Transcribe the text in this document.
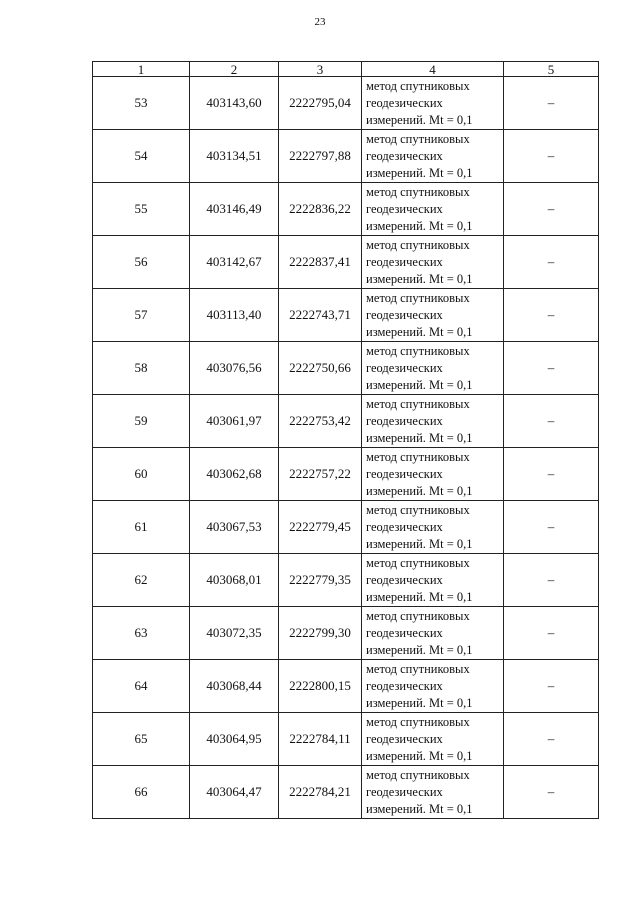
23
1	2	3	4	5
53	403143,60	2222795,04	метод спутниковых
геодезических
измерений. Mt = 0,1	–
54	403134,51	2222797,88	метод спутниковых
геодезических
измерений. Mt = 0,1	–
55	403146,49	2222836,22	метод спутниковых
геодезических
измерений. Mt = 0,1	–
56	403142,67	2222837,41	метод спутниковых
геодезических
измерений. Mt = 0,1	–
57	403113,40	2222743,71	метод спутниковых
геодезических
измерений. Mt = 0,1	–
58	403076,56	2222750,66	метод спутниковых
геодезических
измерений. Mt = 0,1	–
59	403061,97	2222753,42	метод спутниковых
геодезических
измерений. Mt = 0,1	–
60	403062,68	2222757,22	метод спутниковых
геодезических
измерений. Mt = 0,1	–
61	403067,53	2222779,45	метод спутниковых
геодезических
измерений. Mt = 0,1	–
62	403068,01	2222779,35	метод спутниковых
геодезических
измерений. Mt = 0,1	–
63	403072,35	2222799,30	метод спутниковых
геодезических
измерений. Mt = 0,1	–
64	403068,44	2222800,15	метод спутниковых
геодезических
измерений. Mt = 0,1	–
65	403064,95	2222784,11	метод спутниковых
геодезических
измерений. Mt = 0,1	–
66	403064,47	2222784,21	метод спутниковых
геодезических
измерений. Mt = 0,1	–
